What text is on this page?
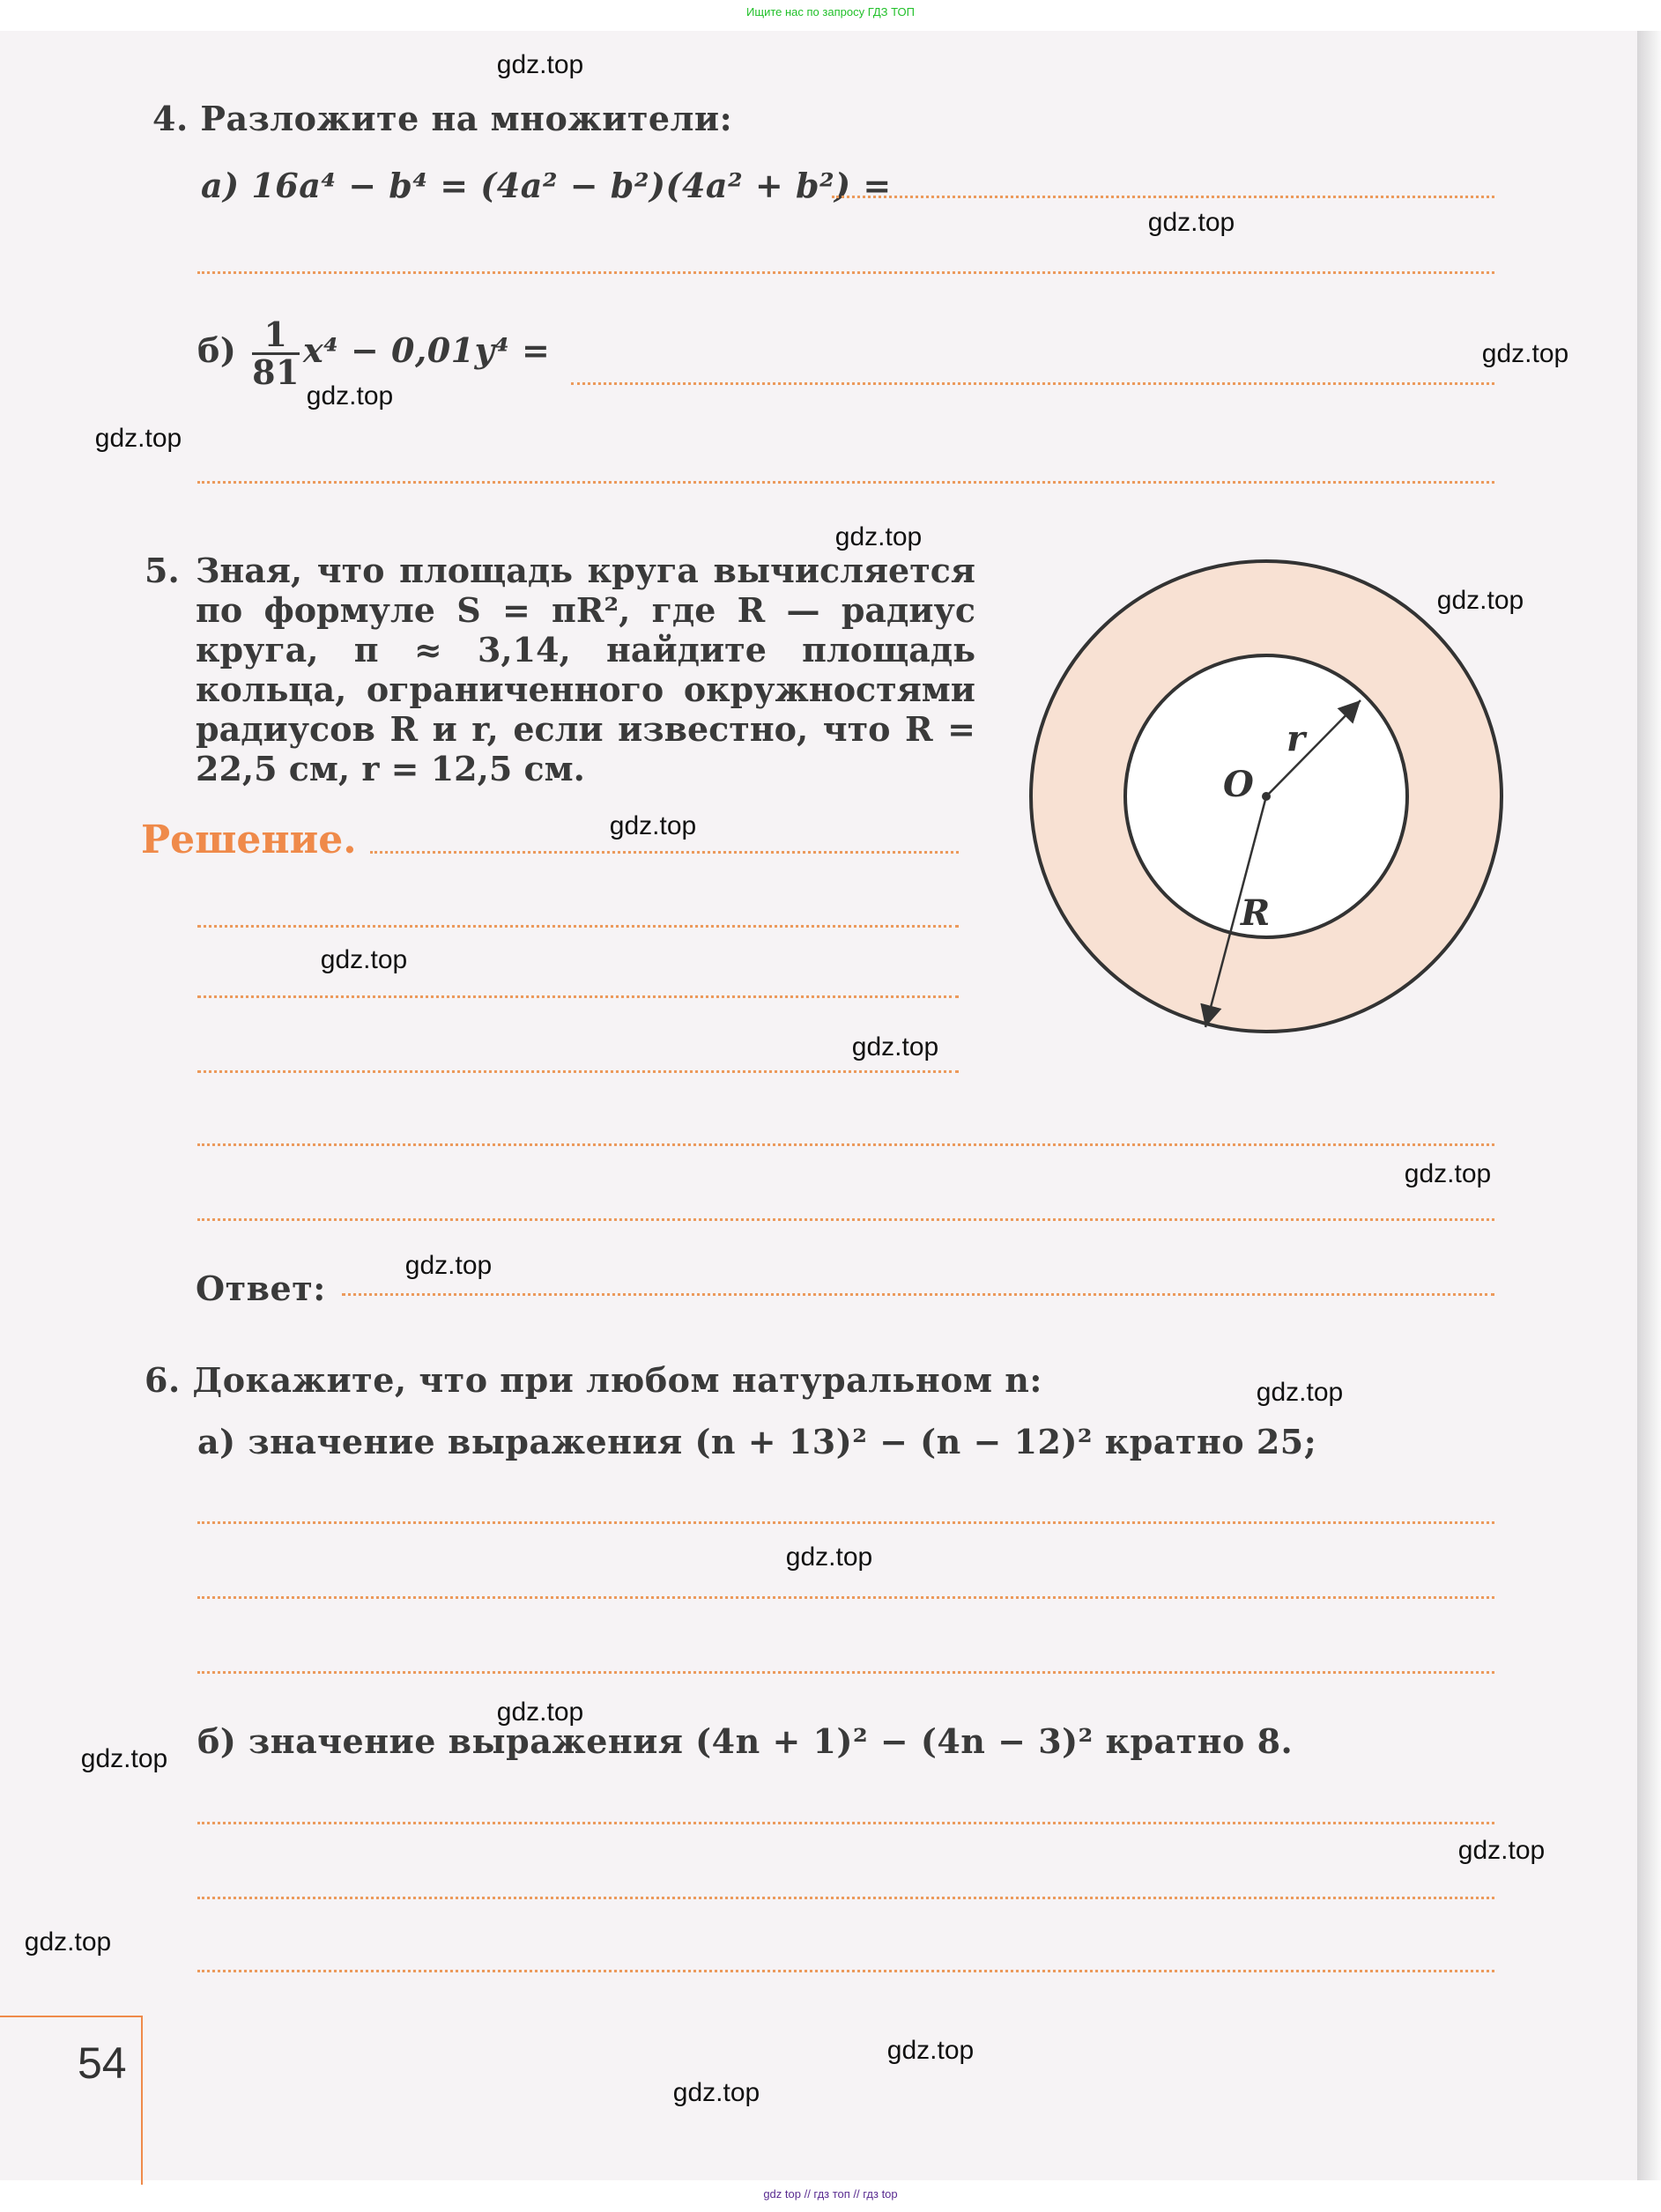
Ищите нас по запросу ГДЗ ТОП
4. Разложите на множители:
а) 16a⁴ − b⁴ = (4a² − b²)(4a² + b²) =
$б) \frac{1}{81} x^4 - 0,01y^4$ =
5. Зная, что площадь круга вычисляется по формуле S = πR², где R — радиус круга, π ≈ 3,14, найдите площадь кольца, ограниченного окружностями радиусов R и r, если известно, что R = 22,5 см, r = 12,5 см.	O
r
R
Решение.
Ответ:
6. Докажите, что при любом натуральном n:
а) значение выражения (n + 13)² − (n − 12)² кратно 25;
б) значение выражения (4n + 1)² − (4n − 3)² кратно 8.
54
gdz.top
gdz.top
gdz.top
gdz.top
gdz.top
gdz.top
gdz.top
gdz.top
gdz.top
gdz.top
gdz.top
gdz.top
gdz.top
gdz.top
gdz.top
gdz.top
gdz.top
gdz.top
gdz.top
gdz.top
gdz top // гдз топ // гдз top
